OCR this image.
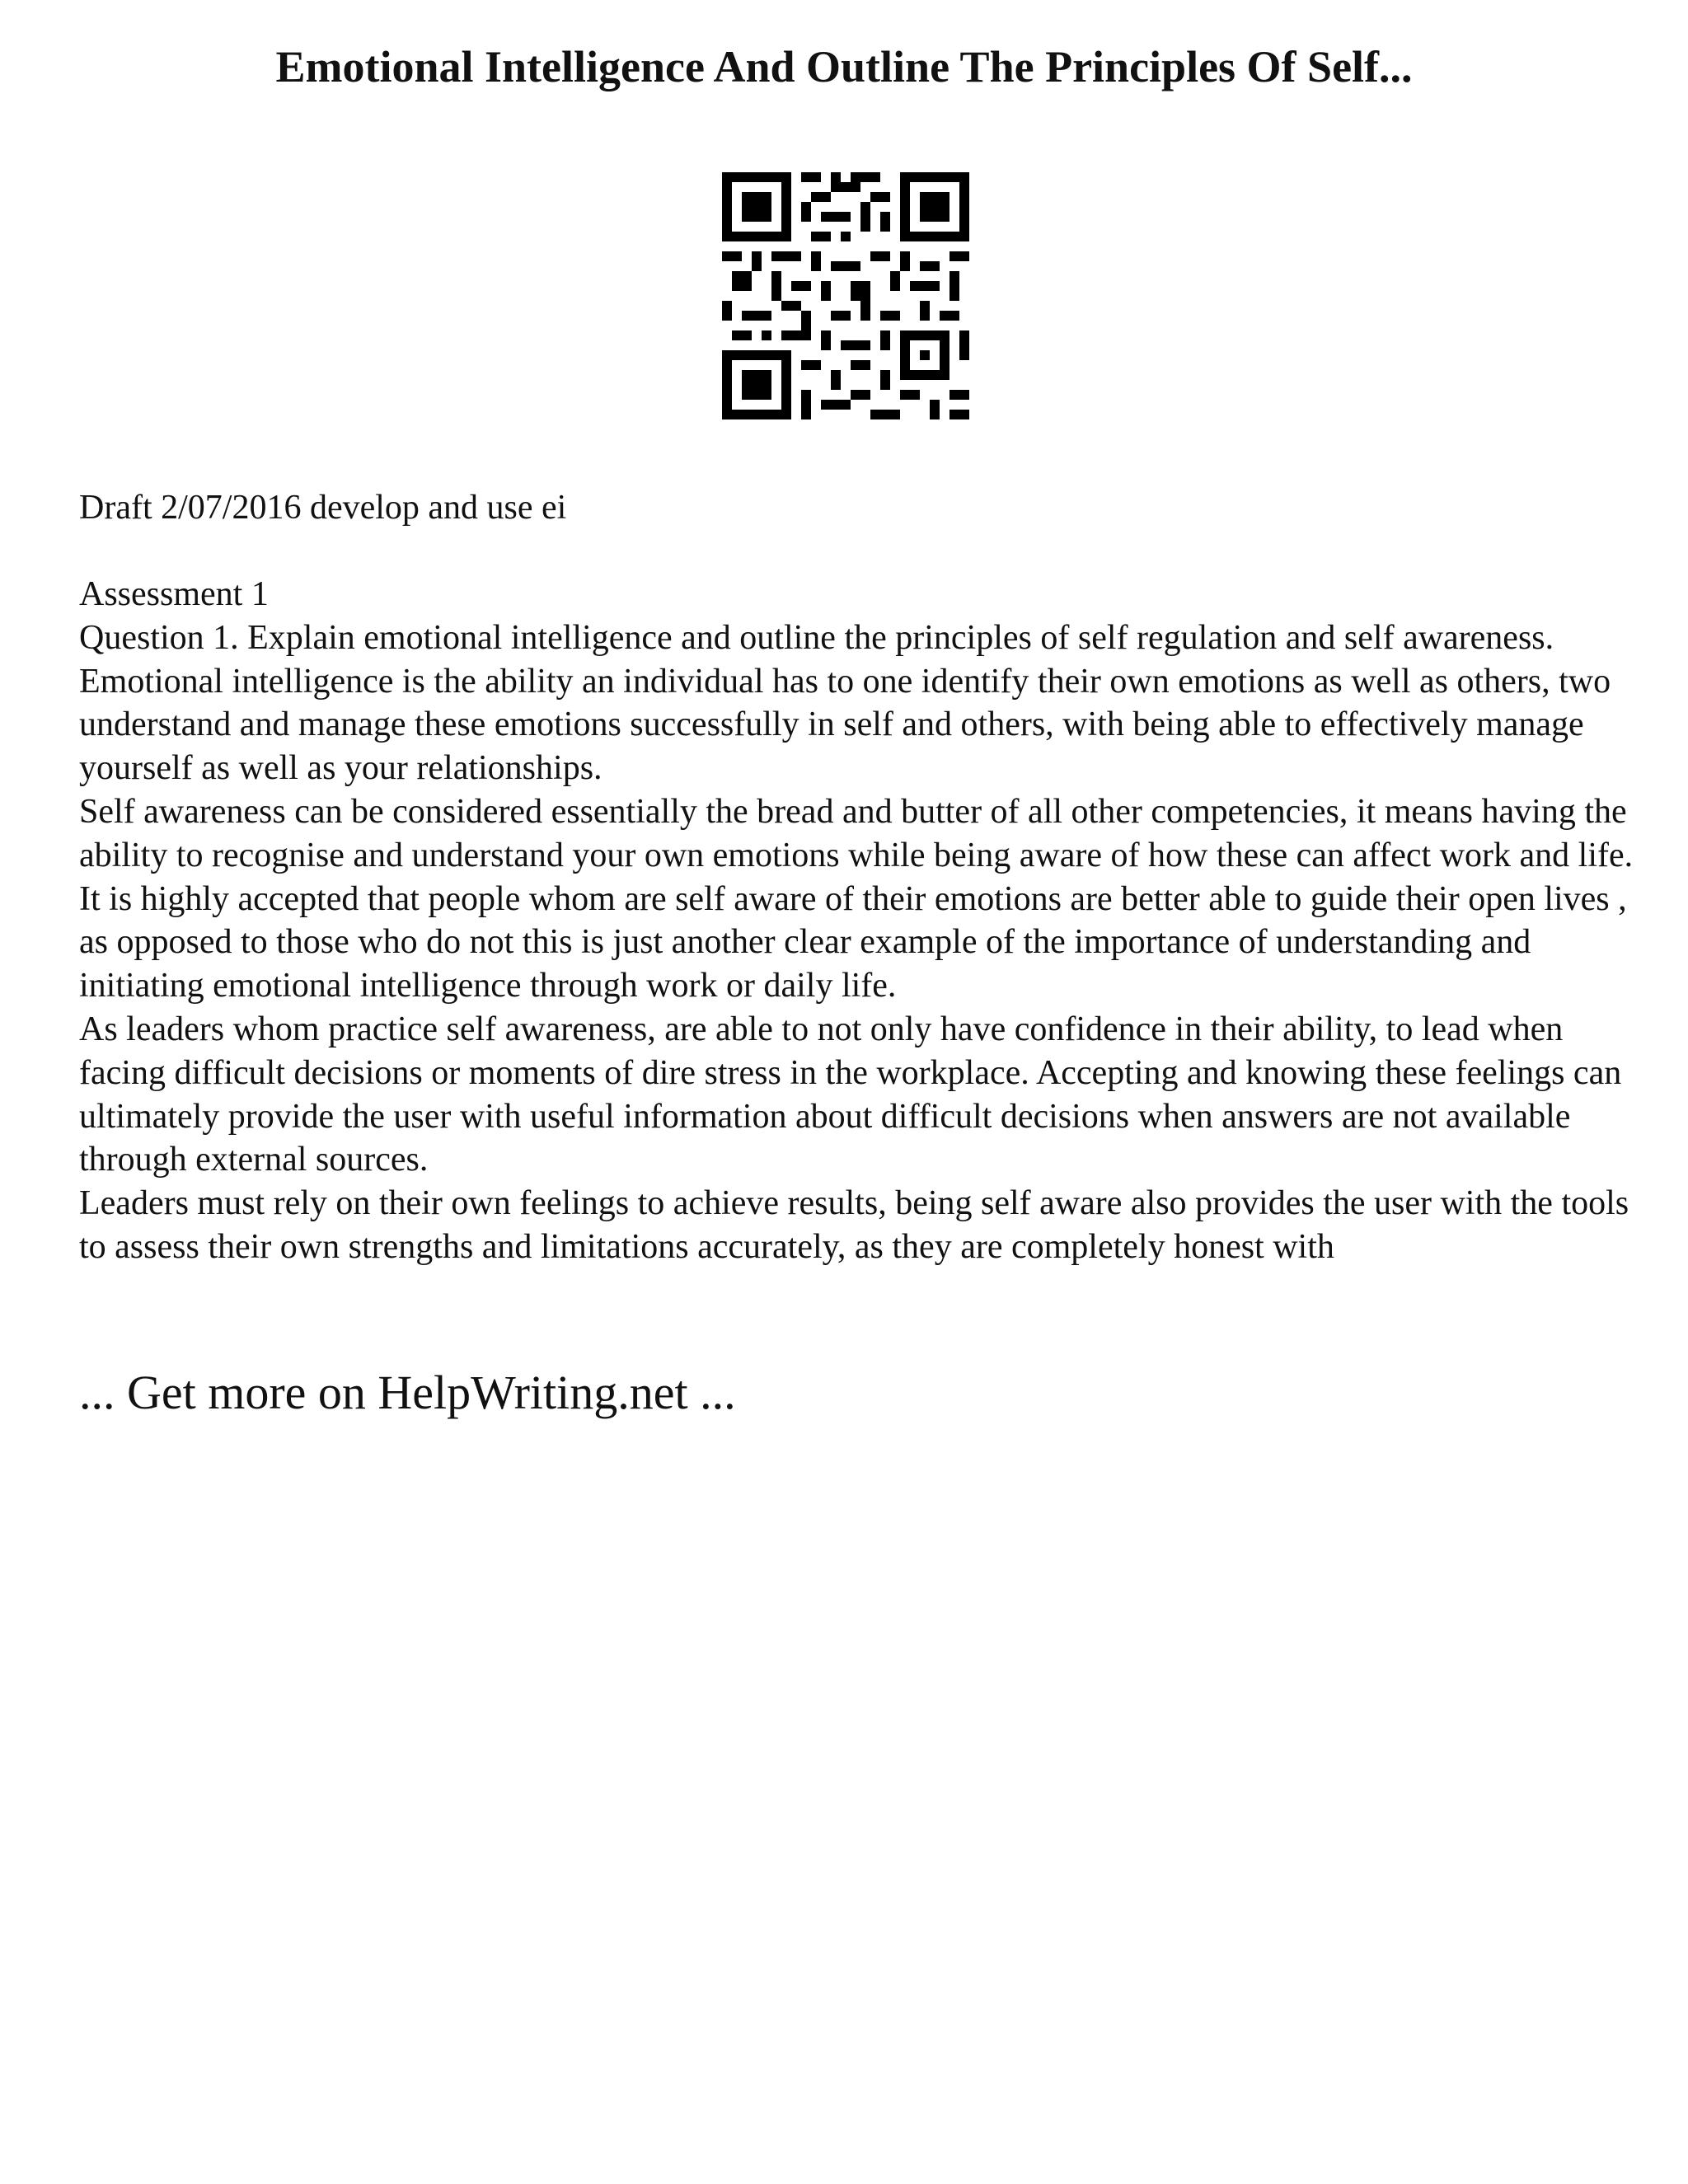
Emotional Intelligence And Outline The Principles Of Self...

Draft 2/07/2016 develop and use ei

Assessment 1

Question 1. Explain emotional intelligence and outline the principles of self regulation and self awareness.

Emotional intelligence is the ability an individual has to one identify their own emotions as well as others, two understand and manage these emotions successfully in self and others, with being able to effectively manage yourself as well as your relationships.

Self awareness can be considered essentially the bread and butter of all other competencies, it means having the ability to recognise and understand your own emotions while being aware of how these can affect work and life. It is highly accepted that people whom are self aware of their emotions are better able to guide their open lives , as opposed to those who do not this is just another clear example of the importance of understanding and initiating emotional intelligence through work or daily life.

As leaders whom practice self awareness, are able to not only have confidence in their ability, to lead when facing difficult decisions or moments of dire stress in the workplace. Accepting and knowing these feelings can ultimately provide the user with useful information about difficult decisions when answers are not available through external sources.

Leaders must rely on their own feelings to achieve results, being self aware also provides the user with the tools to assess their own strengths and limitations accurately, as they are completely honest with

... Get more on HelpWriting.net ...
